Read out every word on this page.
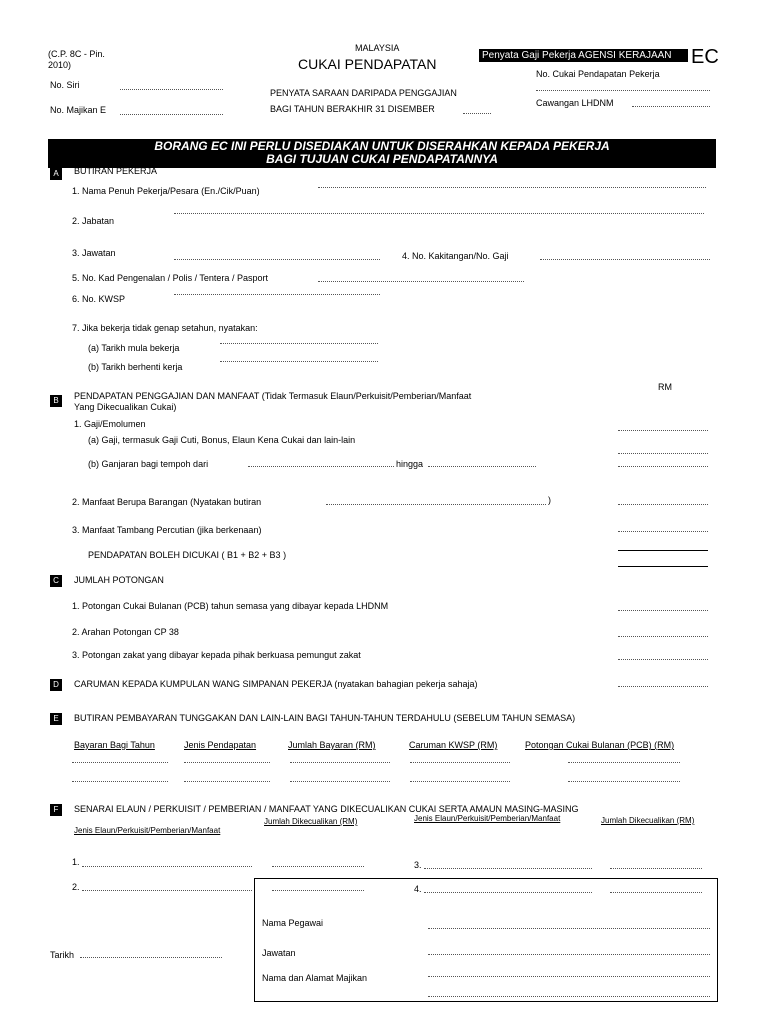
(C.P. 8C - Pin.
2010)
MALAYSIA
CUKAI PENDAPATAN
PENYATA SARAAN DARIPADA PENGGAJIAN
BAGI TAHUN BERAKHIR 31 DISEMBER
Penyata Gaji Pekerja AGENSI KERAJAAN EC
No. Siri
No. Majikan E
No. Cukai Pendapatan Pekerja
Cawangan LHDNM
BORANG EC INI PERLU DISEDIAKAN UNTUK DISERAHKAN KEPADA PEKERJA
BAGI TUJUAN CUKAI PENDAPATANNYA
A	BUTIRAN PEKERJA
1. Nama Penuh Pekerja/Pesara (En./Cik/Puan)
2. Jabatan
3. Jawatan	4. No. Kakitangan/No. Gaji
5. No. Kad Pengenalan / Polis / Tentera / Pasport
6. No. KWSP
7. Jika bekerja tidak genap setahun, nyatakan:
(a) Tarikh mula bekerja
(b) Tarikh berhenti kerja
RM
B	PENDAPATAN PENGGAJIAN DAN MANFAAT (Tidak Termasuk Elaun/Perkuisit/Pemberian/Manfaat
Yang Dikecualikan Cukai)
1. Gaji/Emolumen
(a) Gaji, termasuk Gaji Cuti, Bonus, Elaun Kena Cukai dan lain-lain
(b) Ganjaran bagi tempoh dari	hingga
2. Manfaat Berupa Barangan (Nyatakan butiran	)
3. Manfaat Tambang Percutian (jika berkenaan)
PENDAPATAN BOLEH DICUKAI ( B1 + B2 + B3 )
C	JUMLAH POTONGAN
1. Potongan Cukai Bulanan (PCB) tahun semasa yang dibayar kepada LHDNM
2. Arahan Potongan CP 38
3. Potongan zakat yang dibayar kepada pihak berkuasa pemungut zakat
D	CARUMAN KEPADA KUMPULAN WANG SIMPANAN PEKERJA (nyatakan bahagian pekerja sahaja)
E	BUTIRAN PEMBAYARAN TUNGGAKAN DAN LAIN-LAIN BAGI TAHUN-TAHUN TERDAHULU (SEBELUM TAHUN SEMASA)
Bayaran Bagi Tahun	Jenis Pendapatan	Jumlah Bayaran (RM)	Caruman KWSP (RM)	Potongan Cukai Bulanan (PCB) (RM)
F	SENARAI ELAUN / PERKUISIT / PEMBERIAN / MANFAAT YANG DIKECUALIKAN CUKAI SERTA AMAUN MASING-MASING
Jenis Elaun/Perkuisit/Pemberian/Manfaat
Jumlah Dikecualikan (RM)	Jenis Elaun/Perkuisit/Pemberian/Manfaat	Jumlah Dikecualikan (RM)
1.	3.
2.	4.
Nama Pegawai
Jawatan
Nama dan Alamat Majikan
Tarikh
